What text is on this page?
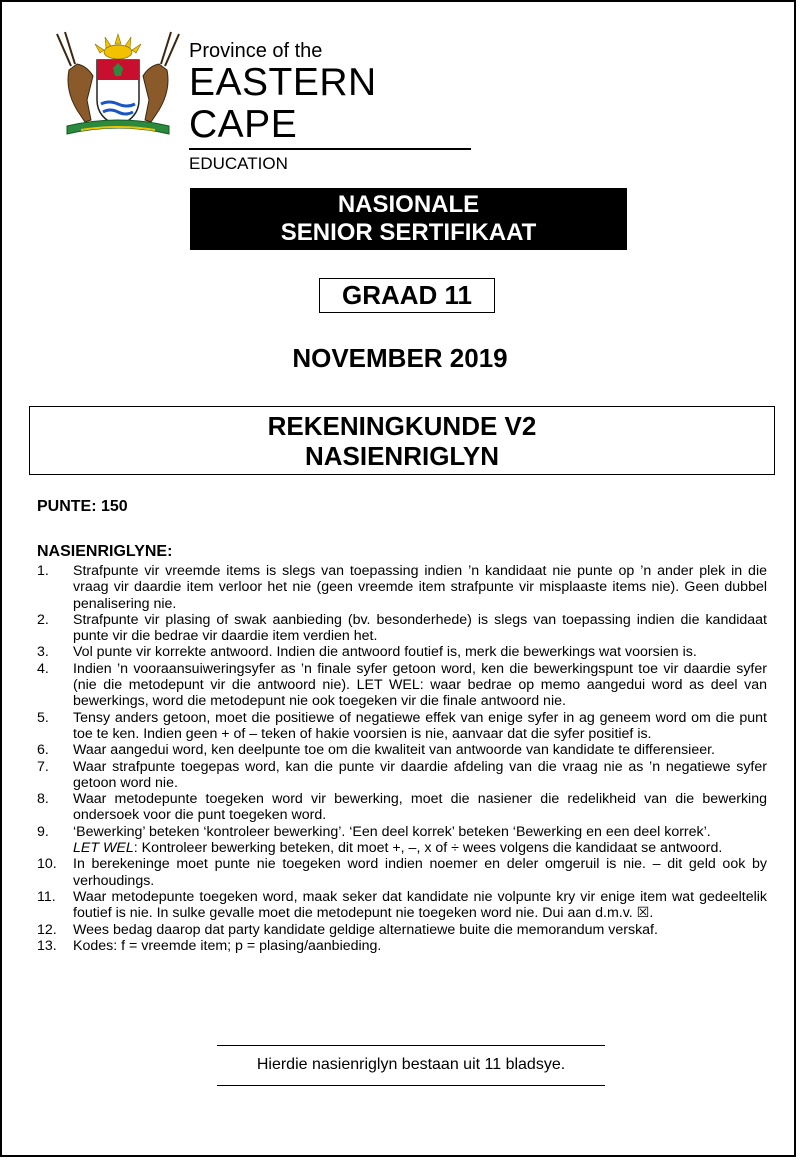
Province of the
EASTERN CAPE
EDUCATION
NASIONALE
SENIOR SERTIFIKAAT
GRAAD 11
NOVEMBER 2019
REKENINGKUNDE V2
NASIENRIGLYN
PUNTE: 150
NASIENRIGLYNE:
1.	Strafpunte vir vreemde items is slegs van toepassing indien ’n kandidaat nie punte op ’n ander plek in die vraag vir daardie item verloor het nie (geen vreemde item strafpunte vir misplaaste items nie). Geen dubbel penalisering nie.
2.	Strafpunte vir plasing of swak aanbieding (bv. besonderhede) is slegs van toepassing indien die kandidaat punte vir die bedrae vir daardie item verdien het.
3.	Vol punte vir korrekte antwoord. Indien die antwoord foutief is, merk die bewerkings wat voorsien is.
4.	Indien ’n vooraansuiweringsyfer as ’n finale syfer getoon word, ken die bewerkingspunt toe vir daardie syfer (nie die metodepunt vir die antwoord nie). LET WEL: waar bedrae op memo aangedui word as deel van bewerkings, word die metodepunt nie ook toegeken vir die finale antwoord nie.
5.	Tensy anders getoon, moet die positiewe of negatiewe effek van enige syfer in ag geneem word om die punt toe te ken. Indien geen + of – teken of hakie voorsien is nie, aanvaar dat die syfer positief is.
6.	Waar aangedui word, ken deelpunte toe om die kwaliteit van antwoorde van kandidate te differensieer.
7.	Waar strafpunte toegepas word, kan die punte vir daardie afdeling van die vraag nie as ’n negatiewe syfer getoon word nie.
8.	Waar metodepunte toegeken word vir bewerking, moet die nasiener die redelikheid van die bewerking ondersoek voor die punt toegeken word.
9.	‘Bewerking’ beteken ‘kontroleer bewerking’. ‘Een deel korrek’ beteken ‘Bewerking en een deel korrek’.
LET WEL: Kontroleer bewerking beteken, dit moet +, –, x of ÷ wees volgens die kandidaat se antwoord.
10.	In berekeninge moet punte nie toegeken word indien noemer en deler omgeruil is nie. – dit geld ook by verhoudings.
11.	Waar metodepunte toegeken word, maak seker dat kandidate nie volpunte kry vir enige item wat gedeeltelik foutief is nie. In sulke gevalle moet die metodepunt nie toegeken word nie. Dui aan d.m.v. ☒.
12.	Wees bedag daarop dat party kandidate geldige alternatiewe buite die memorandum verskaf.
13.	Kodes: f = vreemde item; p = plasing/aanbieding.
Hierdie nasienriglyn bestaan uit 11 bladsye.
